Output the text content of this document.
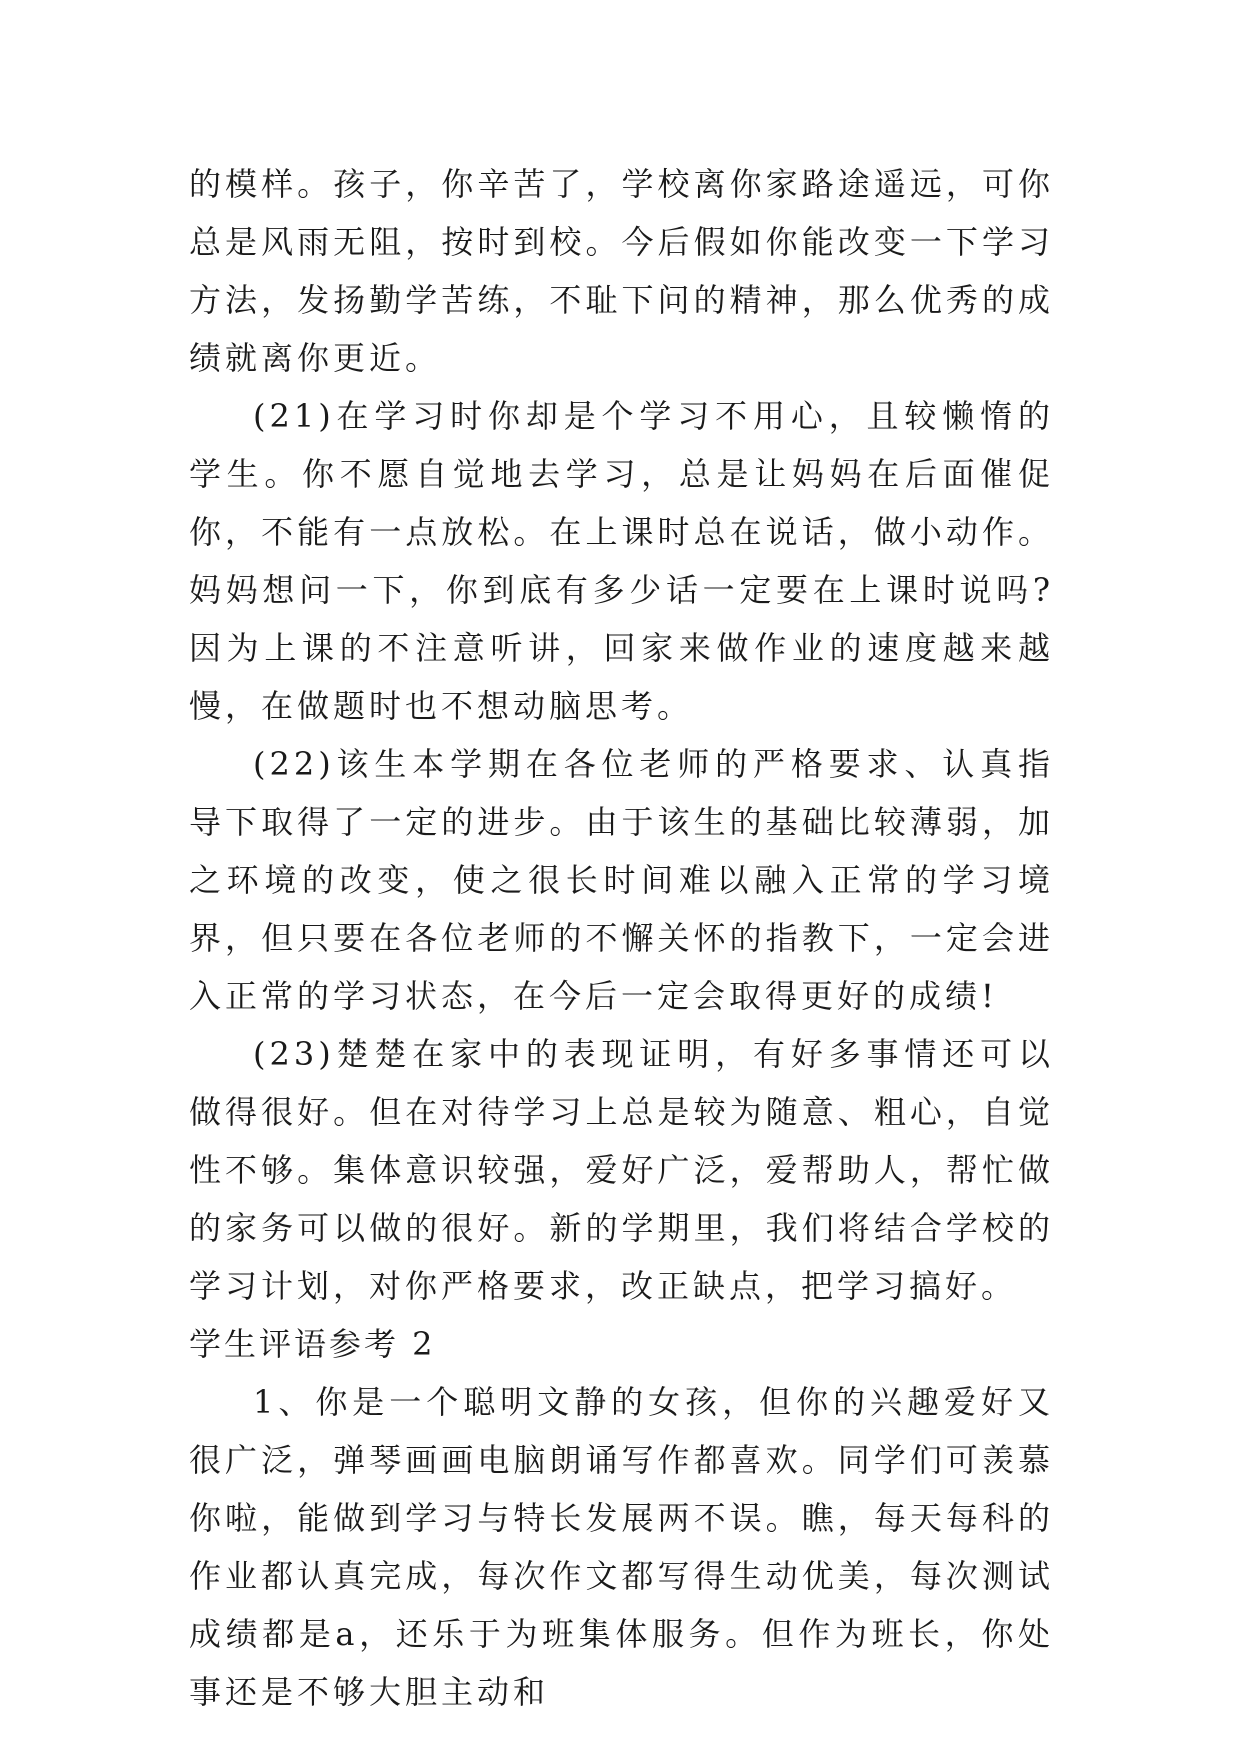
的模样。孩子，你辛苦了，学校离你家路途遥远，可你总是风雨无阻，按时到校。今后假如你能改变一下学习方法，发扬勤学苦练，不耻下问的精神，那么优秀的成绩就离你更近。

(21)在学习时你却是个学习不用心，且较懒惰的学生。你不愿自觉地去学习，总是让妈妈在后面催促你，不能有一点放松。在上课时总在说话，做小动作。妈妈想问一下，你到底有多少话一定要在上课时说吗?因为上课的不注意听讲，回家来做作业的速度越来越慢，在做题时也不想动脑思考。

(22)该生本学期在各位老师的严格要求、认真指导下取得了一定的进步。由于该生的基础比较薄弱，加之环境的改变，使之很长时间难以融入正常的学习境界，但只要在各位老师的不懈关怀的指教下，一定会进入正常的学习状态，在今后一定会取得更好的成绩!

(23)楚楚在家中的表现证明，有好多事情还可以做得很好。但在对待学习上总是较为随意、粗心，自觉性不够。集体意识较强，爱好广泛，爱帮助人，帮忙做的家务可以做的很好。新的学期里，我们将结合学校的学习计划，对你严格要求，改正缺点，把学习搞好。

学生评语参考 2

1、你是一个聪明文静的女孩，但你的兴趣爱好又很广泛，弹琴画画电脑朗诵写作都喜欢。同学们可羡慕你啦，能做到学习与特长发展两不误。瞧，每天每科的作业都认真完成，每次作文都写得生动优美，每次测试成绩都是a，还乐于为班集体服务。但作为班长，你处事还是不够大胆主动和
